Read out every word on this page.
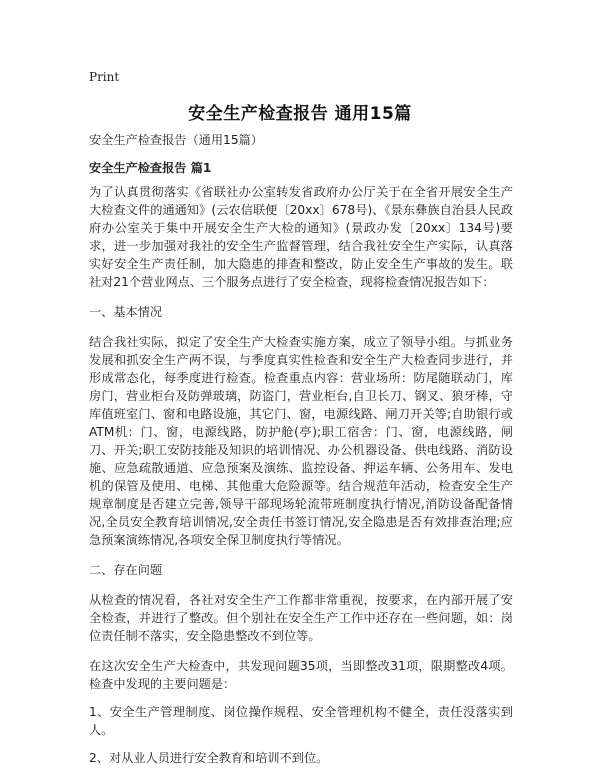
Print
安全生产检查报告 通用15篇

安全生产检查报告（通用15篇）

安全生产检查报告 篇1

为了认真贯彻落实《省联社办公室转发省政府办公厅关于在全省开展安全生产大检查文件的通通知》(云农信联便〔20xx〕678号)、《景东彝族自治县人民政府办公室关于集中开展安全生产大检的通知》(景政办发〔20xx〕134号)要求，进一步加强对我社的安全生产监督管理，结合我社安全生产实际，认真落实好安全生产责任制，加大隐患的排查和整改，防止安全生产事故的发生。联社对21个营业网点、三个服务点进行了安全检查，现将检查情况报告如下：

一、基本情况

结合我社实际，拟定了安全生产大检查实施方案，成立了领导小组。与抓业务发展和抓安全生产两不误，与季度真实性检查和安全生产大检查同步进行，并形成常态化，每季度进行检查。检查重点内容：营业场所：防尾随联动门，库房门，营业柜台及防弹玻璃，防盗门，营业柜台,自卫长刀、钢叉、狼牙棒，守库值班室门、窗和电路设施，其它门、窗，电源线路、闸刀开关等;自助银行或ATM机：门、窗，电源线路，防护舱(亭);职工宿舍：门、窗，电源线路，闸刀、开关;职工安防技能及知识的培训情况、办公机器设备、供电线路、消防设施、应急疏散通道、应急预案及演练、监控设备、押运车辆、公务用车、发电机的保管及使用、电梯、其他重大危险源等。结合规范年活动，检查安全生产规章制度是否建立完善,领导干部现场轮流带班制度执行情况,消防设备配备情况,全员安全教育培训情况,安全责任书签订情况,安全隐患是否有效排查治理;应急预案演练情况,各项安全保卫制度执行等情况。

二、存在问题

从检查的情况看，各社对安全生产工作都非常重视，按要求，在内部开展了安全检查，并进行了整改。但个别社在安全生产工作中还存在一些问题，如：岗位责任制不落实，安全隐患整改不到位等。

在这次安全生产大检查中，共发现问题35项，当即整改31项，限期整改4项。检查中发现的主要问题是：

1、安全生产管理制度、岗位操作规程、安全管理机构不健全，责任没落实到人。

2、对从业人员进行安全教育和培训不到位。
